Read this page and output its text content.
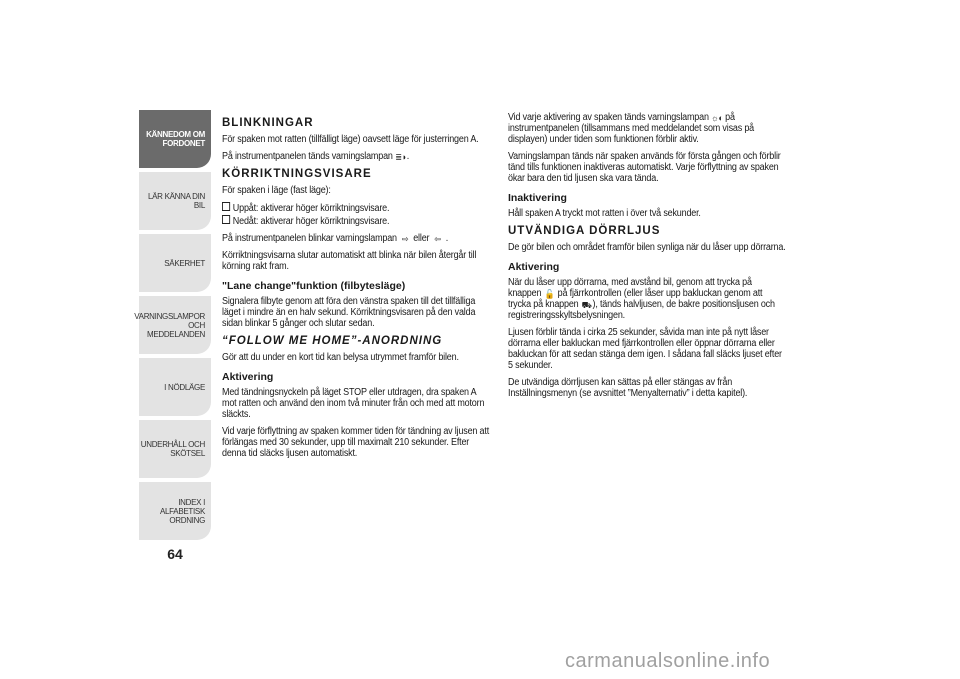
KÄNNEDOM OM FORDONET
LÄR KÄNNA DIN BIL
SÄKERHET
VARNINGSLAMPOR OCH MEDDELANDEN
I NÖDLÄGE
UNDERHÅLL OCH SKÖTSEL
INDEX I ALFABETISK ORDNING
64
BLINKNINGAR

För spaken mot ratten (tillfälligt läge) oavsett läge för justerringen A.

På instrumentpanelen tänds varningslampan ≣◗.

KÖRRIKTNINGSVISARE

För spaken i läge (fast läge):

Uppåt: aktiverar höger körriktningsvisare.

Nedåt: aktiverar höger körriktningsvisare.

På instrumentpanelen blinkar varningslampan ⇨ eller ⇦ .

Körriktningsvisarna slutar automatiskt att blinka när bilen återgår till körning rakt fram.

"Lane change"funktion (filbytesläge)

Signalera filbyte genom att föra den vänstra spaken till det tillfälliga läget i mindre än en halv sekund. Körriktningsvisaren på den valda sidan blinkar 5 gånger och slutar sedan.

“FOLLOW ME HOME”-ANORDNING

Gör att du under en kort tid kan belysa utrymmet framför bilen.

Aktivering

Med tändningsnyckeln på läget STOP eller utdragen, dra spaken A mot ratten och använd den inom två minuter från och med att motorn släckts.

Vid varje förflyttning av spaken kommer tiden för tändning av ljusen att förlängas med 30 sekunder, upp till maximalt 210 sekunder. Efter denna tid släcks ljusen automatiskt.

Vid varje aktivering av spaken tänds varningslampan ☼◐ på instrumentpanelen (tillsammans med meddelandet som visas på displayen) under tiden som funktionen förblir aktiv.

Varningslampan tänds när spaken används för första gången och förblir tänd tills funktionen inaktiveras automatiskt. Varje förflyttning av spaken ökar bara den tid ljusen ska vara tända.

Inaktivering

Håll spaken A tryckt mot ratten i över två sekunder.

UTVÄNDIGA DÖRRLJUS

De gör bilen och området framför bilen synliga när du låser upp dörrarna.

Aktivering

När du låser upp dörrarna, med avstånd bil, genom att trycka på knappen 🔓 på fjärrkontrollen (eller låser upp bakluckan genom att trycka på knappen ⛟), tänds halvljusen, de bakre positionsljusen och registreringsskyltsbelysningen.

Ljusen förblir tända i cirka 25 sekunder, såvida man inte på nytt låser dörrarna eller bakluckan med fjärrkontrollen eller öppnar dörrarna eller bakluckan för att sedan stänga dem igen. I sådana fall släcks ljuset efter 5 sekunder.

De utvändiga dörrljusen kan sättas på eller stängas av från Inställningsmenyn (se avsnittet ”Menyalternativ” i detta kapitel).

carmanualsonline.info
